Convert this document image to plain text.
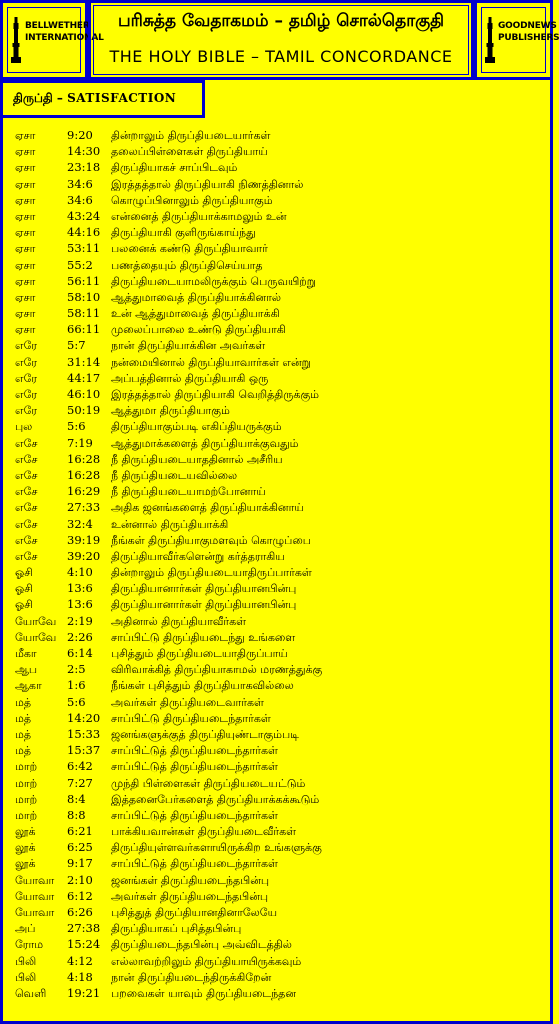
BELLWETHER
INTERNATIONAL
பரிசுத்த வேதாகமம் – தமிழ் சொல்தொகுதி
THE HOLY BIBLE – TAMIL CONCORDANCE
GOODNEWS
PUBLISHERS
திருப்தி – SATISFACTION
ஏசா	9:20 தின்றாலும் திருப்தியடையார்கள்
ஏசா	14:30 தலைப்பிள்ளைகள் திருப்தியாய்
ஏசா	23:18 திருப்தியாகச் சாப்பிடவும்
ஏசா	34:6 இரத்தத்தால் திருப்தியாகி நிணத்தினால்
ஏசா	34:6 கொழுப்பினாலும் திருப்தியாகும்
ஏசா	43:24 என்னைத் திருப்தியாக்காமலும் உன்
ஏசா	44:16 திருப்தியாகி குளிருங்காய்ந்து
ஏசா	53:11 பலனைக் கண்டு திருப்தியாவார்
ஏசா	55:2 பணத்தையும் திருப்திசெய்யாத
ஏசா	56:11 திருப்தியடையாமலிருக்கும் பெருவயிற்று
ஏசா	58:10 ஆத்துமாவைத் திருப்தியாக்கினால்
ஏசா	58:11 உன் ஆத்துமாவைத் திருப்தியாக்கி
ஏசா	66:11 முலைப்பாலை உண்டு திருப்தியாகி
எரே	5:7 நான் திருப்தியாக்கின அவர்கள்
எரே	31:14 நன்மையினால் திருப்தியாவார்கள் என்று
எரே	44:17 அப்பத்தினால் திருப்தியாகி ஒரு
எரே	46:10 இரத்தத்தால் திருப்தியாகி வெறித்திருக்கும்
எரே	50:19 ஆத்துமா திருப்தியாகும்
புல	5:6 திருப்தியாகும்படி எகிப்தியருக்கும்
எசே	7:19 ஆத்துமாக்களைத் திருப்தியாக்குவதும்
எசே	16:28 நீ திருப்தியடையாததினால் அசீரிய
எசே	16:28 நீ திருப்தியடையவில்லை
எசே	16:29 நீ திருப்தியடையாமற்போனாய்
எசே	27:33 அதிக ஜனங்களைத் திருப்தியாக்கினாய்
எசே	32:4 உன்னால் திருப்தியாக்கி
எசே	39:19 நீங்கள் திருப்தியாகுமளவும் கொழுப்பை
எசே	39:20 திருப்தியாவீர்களென்று கர்த்தராகிய
ஓசி	4:10 தின்றாலும் திருப்தியடையாதிருப்பார்கள்
ஓசி	13:6 திருப்தியானார்கள் திருப்தியானபின்பு
ஓசி	13:6 திருப்தியானார்கள் திருப்தியானபின்பு
யோவே 2:19 அதினால் திருப்தியாவீர்கள்
யோவே 2:26 சாப்பிட்டு திருப்தியடைந்து உங்களை
மீகா	6:14 புசித்தும் திருப்தியடையாதிருப்பாய்
ஆப	2:5 விரிவாக்கித் திருப்தியாகாமல் மரணத்துக்கு
ஆகா 1:6 நீங்கள் புசித்தும் திருப்தியாகவில்லை
மத்	5:6 அவர்கள் திருப்தியடைவார்கள்
மத்	14:20 சாப்பிட்டு திருப்தியடைந்தார்கள்
மத்	15:33 ஜனங்களுக்குத் திருப்தியுண்டாகும்படி
மத்	15:37 சாப்பிட்டுத் திருப்தியடைந்தார்கள்
மாற்	6:42 சாப்பிட்டுத் திருப்தியடைந்தார்கள்
மாற்	7:27 முந்தி பிள்ளைகள் திருப்தியடையட்டும்
மாற்	8:4 இத்தனைபேர்களைத் திருப்தியாக்கக்கூடும்
மாற்	8:8 சாப்பிட்டுத் திருப்தியடைந்தார்கள்
லூக்	6:21 பாக்கியவான்கள் திருப்தியடைவீர்கள்
லூக்	6:25 திருப்தியுள்ளவர்களாயிருக்கிற உங்களுக்கு
லூக்	9:17 சாப்பிட்டுத் திருப்தியடைந்தார்கள்
யோவா 2:10 ஜனங்கள் திருப்தியடைந்தபின்பு
யோவா 6:12 அவர்கள் திருப்தியடைந்தபின்பு
யோவா 6:26 புசித்துத் திருப்தியானதினாலேயே
அப்	27:38 திருப்தியாகப் புசித்தபின்பு
ரோம 15:24 திருப்தியடைந்தபின்பு அவ்விடத்தில்
பிலி	4:12 எல்லாவற்றிலும் திருப்தியாயிருக்கவும்
பிலி	4:18 நான் திருப்தியடைந்திருக்கிறேன்
வெளி 19:21 பறவைகள் யாவும் திருப்தியடைந்தன
